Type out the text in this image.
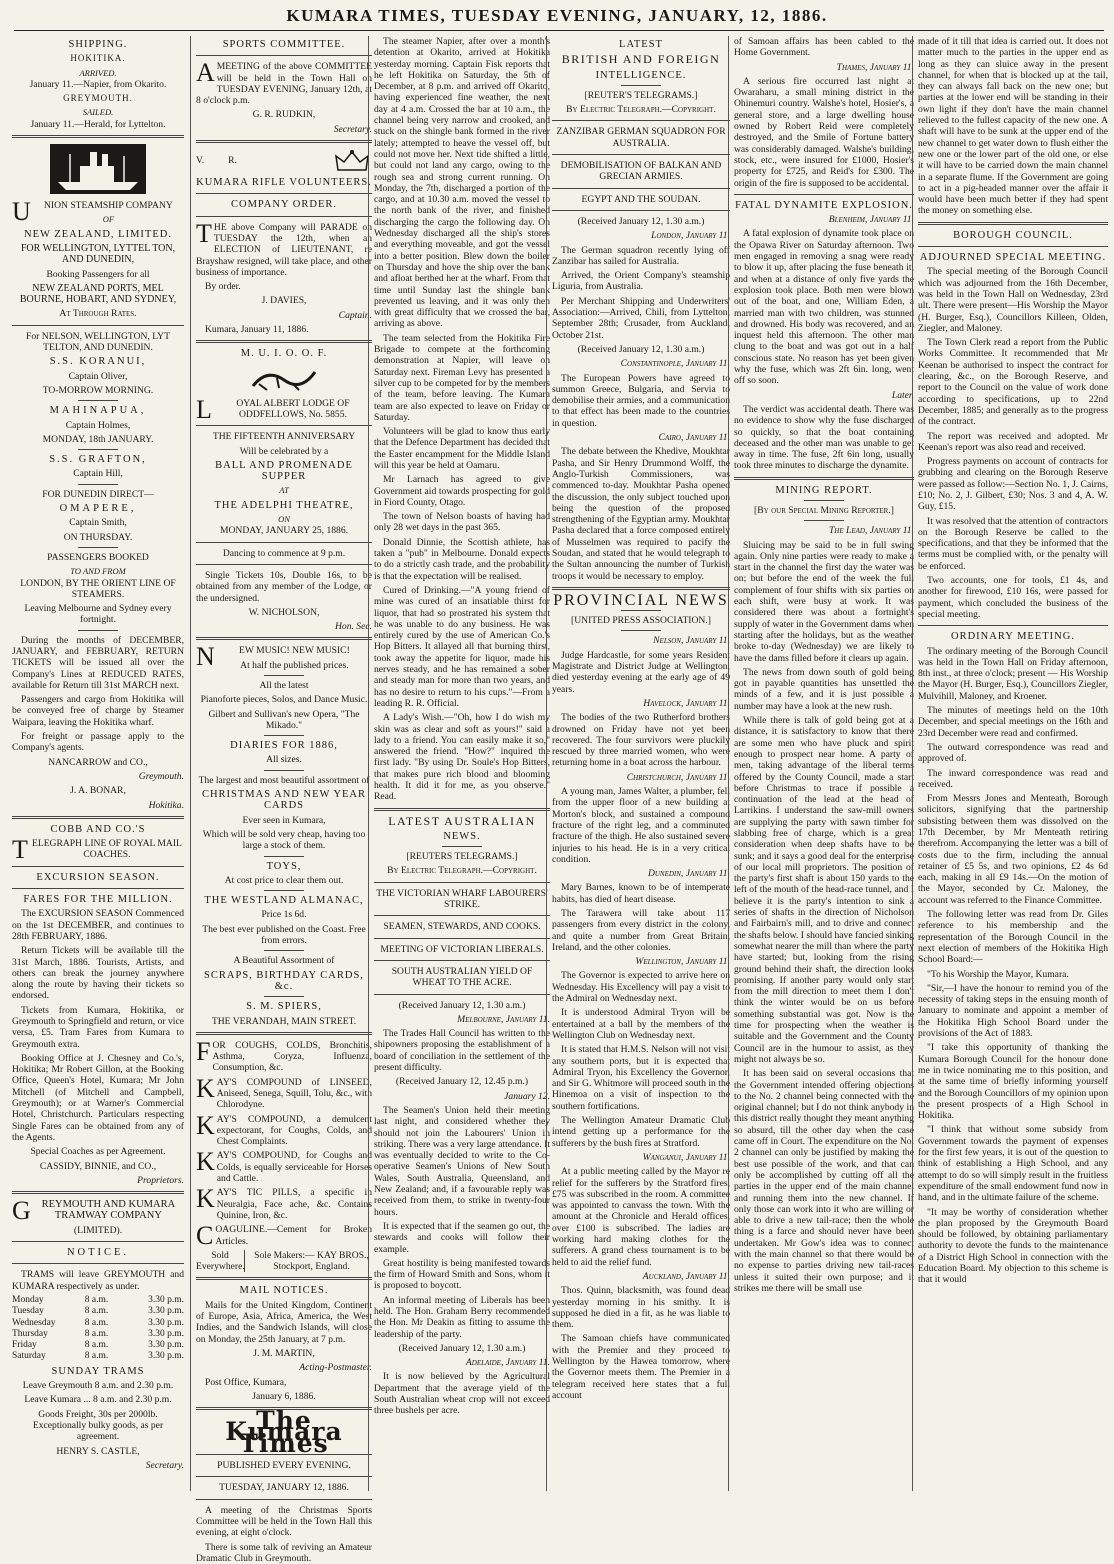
KUMARA TIMES, TUESDAY EVENING, JANUARY, 12, 1886.
SHIPPING.
HOKITIKA.
ARRIVED.

January 11.—Napier, from Okarito.

GREYMOUTH.
SAILED.

January 11.—Herald, for Lyttelton.

UNION STEAMSHIP COMPANY

OF
NEW ZEALAND, LIMITED.

FOR WELLINGTON, LYTTEL TON, AND DUNEDIN,

Booking Passengers for all

NEW ZEALAND PORTS, MEL BOURNE, HOBART, AND SYDNEY,

At Through Rates.

For NELSON, WELLINGTON, LYT TELTON, AND DUNEDIN.

S.S. KORANUI,

Captain Oliver,

TO-MORROW MORNING.

MAHINAPUA,

Captain Holmes,

MONDAY, 18th JANUARY.

S.S. GRAFTON,

Captain Hill,

FOR DUNEDIN DIRECT—

OMAPERE,

Captain Smith,

ON THURSDAY.

PASSENGERS BOOKED

TO AND FROM

LONDON, BY THE ORIENT LINE OF STEAMERS.

Leaving Melbourne and Sydney every fortnight.

During the months of DECEMBER, JANUARY, and FEBRUARY, RETURN TICKETS will be issued all over the Company's Lines at REDUCED RATES, available for Return till 31st MARCH next.

Passengers and cargo from Hokitika will be conveyed free of charge by Steamer Waipara, leaving the Hokitika wharf.

For freight or passage apply to the Company's agents.

NANCARROW and CO.,

Greymouth.

J. A. BONAR,

Hokitika.

COBB AND CO.'S

TELEGRAPH LINE OF ROYAL MAIL COACHES.

EXCURSION SEASON.
FARES FOR THE MILLION.

The EXCURSION SEASON Commenced on the 1st DECEMBER, and continues to 28th FEBRUARY, 1886.

Return Tickets will be available till the 31st March, 1886. Tourists, Artists, and others can break the journey anywhere along the route by having their tickets so endorsed.

Tickets from Kumara, Hokitika, or Greymouth to Springfield and return, or vice versa, £5. Tram Fares from Kumara to Greymouth extra.

Booking Office at J. Chesney and Co.'s, Hokitika; Mr Robert Gillon, at the Booking Office, Queen's Hotel, Kumara; Mr John Mitchell (of Mitchell and Campbell, Greymouth); or at Warner's Commercial Hotel, Christchurch. Particulars respecting Single Fares can be obtained from any of the Agents.

Special Coaches as per Agreement.

CASSIDY, BINNIE, and CO.,

Proprietors.

GREYMOUTH AND KUMARA TRAMWAY COMPANY

(LIMITED).

NOTICE.

TRAMS will leave GREYMOUTH and KUMARA respectively as under.

Monday	8 a.m.	3.30 p.m.
Tuesday	8 a.m.	3.30 p.m.
Wednesday	8 a.m.	3.30 p.m.
Thursday	8 a.m.	3.30 p.m.
Friday	8 a.m.	3.30 p.m.
Saturday	8 a.m.	3.30 p.m.
SUNDAY TRAMS

Leave Greymouth 8 a.m. and 2.30 p.m.

Leave Kumara ... 8 a.m. and 2.30 p.m.

Goods Freight, 30s per 2000lb. Exceptionally bulky goods, as per agreement.

HENRY S. CASTLE,

Secretary.

SPORTS COMMITTEE.

AMEETING of the above COMMITTEE will be held in the Town Hall on TUESDAY EVENING, January 12th, at 8 o'clock p.m.

G. R. RUDKIN,

Secretary.

V.          R.
KUMARA RIFLE VOLUNTEERS.
COMPANY ORDER.

THE above Company will PARADE on TUESDAY the 12th, when an ELECTION of LIEUTENANT, re Brayshaw resigned, will take place, and other business of importance.

By order.

J. DAVIES,

Captain.

Kumara, January 11, 1886.

M. U. I. O. O. F.

LOYAL ALBERT LODGE OF ODDFELLOWS, No. 5855.

THE FIFTEENTH ANNIVERSARY

Will be celebrated by a

BALL AND PROMENADE SUPPER
AT
THE ADELPHI THEATRE,
ON

MONDAY, JANUARY 25, 1886.

Dancing to commence at 9 p.m.

Single Tickets 10s, Double 16s, to be obtained from any member of the Lodge, or the undersigned.

W. NICHOLSON,

Hon. Sec.

NEW MUSIC! NEW MUSIC!

At half the published prices.

All the latest

Pianoforte pieces, Solos, and Dance Music.

Gilbert and Sullivan's new Opera, "The Mikado."

DIARIES FOR 1886,

All sizes.

The largest and most beautiful assortment of

CHRISTMAS AND NEW YEAR CARDS

Ever seen in Kumara,

Which will be sold very cheap, having too large a stock of them.

TOYS,

At cost price to clear them out.

THE WESTLAND ALMANAC,

Price 1s 6d.

The best ever published on the Coast. Free from errors.

A Beautiful Assortment of

SCRAPS, BIRTHDAY CARDS, &c.
S. M. SPIERS,

THE VERANDAH, MAIN STREET.

FOR COUGHS, COLDS, Bronchitis, Asthma, Coryza, Influenza, Consumption, &c.

KAY'S COMPOUND of LINSEED, Aniseed, Senega, Squill, Tolu, &c., with Chlorodyne.

KAY'S COMPOUND, a demulcent expectorant, for Coughs, Colds, and Chest Complaints.

KAY'S COMPOUND, for Coughs and Colds, is equally serviceable for Horses and Cattle.

KAY'S TIC PILLS, a specific in Neuralgia, Face ache, &c. Contains Quinine, Iron, &c.

COAGULINE.—Cement for Broken Articles.

Sold Everywhere.
Sole Makers:— KAY BROS., Stockport, England.
MAIL NOTICES.

Mails for the United Kingdom, Continent of Europe, Asia, Africa, America, the West Indies, and the Sandwich Islands, will close on Monday, the 25th January, at 7 p.m.

J. M. MARTIN,

Acting-Postmaster.

Post Office, Kumara,

January 6, 1886.

The Kumara Times

PUBLISHED EVERY EVENING.

TUESDAY, JANUARY 12, 1886.

A meeting of the Christmas Sports Committee will be held in the Town Hall this evening, at eight o'clock.

There is some talk of reviving an Amateur Dramatic Club in Greymouth.

The steamer Napier, after over a month's detention at Okarito, arrived at Hokitika yesterday morning. Captain Fisk reports that he left Hokitika on Saturday, the 5th of December, at 8 p.m. and arrived off Okarito, having experienced fine weather, the next day at 4 a.m. Crossed the bar at 10 a.m., the channel being very narrow and crooked, and stuck on the shingle bank formed in the river lately; attempted to heave the vessel off, but could not move her. Next tide shifted a little, but could not land any cargo, owing to the rough sea and strong current running. On Monday, the 7th, discharged a portion of the cargo, and at 10.30 a.m. moved the vessel to the north bank of the river, and finished discharging the cargo the following day. On Wednesday discharged all the ship's stores and everything moveable, and got the vessel into a better position. Blew down the boiler on Thursday and hove the ship over the bank and afloat berthed her at the wharf. From that time until Sunday last the shingle bank prevented us leaving, and it was only then with great difficulty that we crossed the bar, arriving as above.

The team selected from the Hokitika Fire Brigade to compete at the forthcoming demonstration at Napier, will leave on Saturday next. Fireman Levy has presented a silver cup to be competed for by the members of the team, before leaving. The Kumara team are also expected to leave on Friday or Saturday.

Volunteers will be glad to know thus early that the Defence Department has decided that the Easter encampment for the Middle Island will this year be held at Oamaru.

Mr Larnach has agreed to give Government aid towards prospecting for gold in Fiord County, Otago.

The town of Nelson boasts of having had only 28 wet days in the past 365.

Donald Dinnie, the Scottish athlete, has taken a "pub" in Melbourne. Donald expects to do a strictly cash trade, and the probability is that the expectation will be realised.

Cured of Drinking.—"A young friend of mine was cured of an insatiable thirst for liquor, that had so prostrated his system that he was unable to do any business. He was entirely cured by the use of American Co.'s Hop Bitters. It allayed all that burning thirst, took away the appetite for liquor, made his nerves steady, and he has remained a sober and steady man for more than two years, and has no desire to return to his cups."—From a leading R. R. Official.

A Lady's Wish.—"Oh, how I do wish my skin was as clear and soft as yours!" said a lady to a friend. You can easily make it so," answered the friend. "How?" inquired the first lady. "By using Dr. Soule's Hop Bitters, that makes pure rich blood and blooming health. It did it for me, as you observe." Read.

LATEST AUSTRALIAN
NEWS.

[REUTERS TELEGRAMS.]

By Electric Telegraph.—Copyright.

THE VICTORIAN WHARF LABOURERS' STRIKE.

SEAMEN, STEWARDS, AND COOKS.

MEETING OF VICTORIAN LIBERALS.

SOUTH AUSTRALIAN YIELD OF WHEAT TO THE ACRE.

(Received January 12, 1.30 a.m.)

Melbourne, January 11.

The Trades Hall Council has written to the shipowners proposing the establishment of a board of conciliation in the settlement of the present difficulty.

(Received January 12, 12.45 p.m.)

January 12.

The Seamen's Union held their meeting last night, and considered whether they should not join the Labourers' Union in striking. There was a very large attendance. It was eventually decided to write to the Co-operative Seamen's Unions of New South Wales, South Australia, Queensland, and New Zealand; and, if a favourable reply was received from them, to strike in twenty-four hours.

It is expected that if the seamen go out, the stewards and cooks will follow their example.

Great hostility is being manifested towards the firm of Howard Smith and Sons, whom it is proposed to boycott.

An informal meeting of Liberals has been held. The Hon. Graham Berry recommended the Hon. Mr Deakin as fitting to assume the leadership of the party.

(Received January 12, 1.30 a.m.)

Adelaide, January 11.

It is now believed by the Agricultural Department that the average yield of the South Australian wheat crop will not exceed three bushels per acre.

LATEST
BRITISH AND FOREIGN
INTELLIGENCE.

[REUTER'S TELEGRAMS.]

By Electric Telegraph.—Copyright.

ZANZIBAR GERMAN SQUADRON FOR AUSTRALIA.

DEMOBILISATION OF BALKAN AND GRECIAN ARMIES.

EGYPT AND THE SOUDAN.

(Received January 12, 1.30 a.m.)

London, January 11.

The German squadron recently lying off Zanzibar has sailed for Australia.

Arrived, the Orient Company's steamship Liguria, from Australia.

Per Merchant Shipping and Underwriters' Association:—Arrived, Chili, from Lyttelton, September 28th; Crusader, from Auckland, October 21st.

(Received January 12, 1.30 a.m.)

Constantinople, January 11.

The European Powers have agreed to summon Greece, Bulgaria, and Servia to demobilise their armies, and a communication to that effect has been made to the countries in question.

Cairo, January 11.

The debate between the Khedive, Moukhtar Pasha, and Sir Henry Drummond Wolff, the Anglo-Turkish Commissioners, was commenced to-day. Moukhtar Pasha opened the discussion, the only subject touched upon being the question of the proposed strengthening of the Egyptian army. Moukhtar Pasha declared that a force composed entirely of Musselmen was required to pacify the Soudan, and stated that he would telegraph to the Sultan announcing the number of Turkish troops it would be necessary to employ.

PROVINCIAL NEWS

[UNITED PRESS ASSOCIATION.]

Nelson, January 11.

Judge Hardcastle, for some years Resident Magistrate and District Judge at Wellington, died yesterday evening at the early age of 49 years.

Havelock, January 11.

The bodies of the two Rutherford brothers drowned on Friday have not yet been recovered. The four survivors were pluckily rescued by three married women, who were returning home in a boat across the harbour.

Christchurch, January 11.

A young man, James Walter, a plumber, fell from the upper floor of a new building at Morton's block, and sustained a compound fracture of the right leg, and a comminuted fracture of the thigh. He also sustained severe injuries to his head. He is in a very critical condition.

Dunedin, January 11.

Mary Barnes, known to be of intemperate habits, has died of heart disease.

The Tarawera will take about 117 passengers from every district in the colony, and quite a number from Great Britain, Ireland, and the other colonies.

Wellington, January 11.

The Governor is expected to arrive here on Wednesday. His Excellency will pay a visit to the Admiral on Wednesday next.

It is understood Admiral Tryon will be entertained at a ball by the members of the Wellington Club on Wednesday next.

It is stated that H.M.S. Nelson will not visit any southern ports, but it is expected that Admiral Tryon, his Excellency the Governor, and Sir G. Whitmore will proceed south in the Hinemoa on a visit of inspection to the southern fortifications.

The Wellington Amateur Dramatic Club intend getting up a performance for the sufferers by the bush fires at Stratford.

Wanganui, January 11.

At a public meeting called by the Mayor re relief for the sufferers by the Stratford fires, £75 was subscribed in the room. A committee was appointed to canvass the town. With the amount at the Chronicle and Herald offices, over £100 is subscribed. The ladies are working hard making clothes for the sufferers. A grand chess tournament is to be held to aid the relief fund.

Auckland, January 11.

Thos. Quinn, blacksmith, was found dead yesterday morning in his smithy. It is supposed he died in a fit, as he was liable to them.

The Samoan chiefs have communicated with the Premier and they proceed to Wellington by the Hawea tomorrow, where the Governor meets them. The Premier in a telegram received here states that a full account

of Samoan affairs has been cabled to the Home Government.

Thames, January 11.

A serious fire occurred last night at Owaraharu, a small mining district in the Ohinemuri country. Walshe's hotel, Hosier's, a general store, and a large dwelling house owned by Robert Reid were completely destroyed, and the Smile of Fortune battery was considerably damaged. Walshe's building, stock, etc., were insured for £1000, Hosier's property for £725, and Reid's for £300. The origin of the fire is supposed to be accidental.

FATAL DYNAMITE EXPLOSION.

Blenheim, January 11.

A fatal explosion of dynamite took place on the Opawa River on Saturday afternoon. Two men engaged in removing a snag were ready to blow it up, after placing the fuse beneath it, and when at a distance of only five yards the explosion took place. Both men were blown out of the boat, and one, William Eden, a married man with two children, was stunned and drowned. His body was recovered, and an inquest held this afternoon. The other man clung to the boat and was got out in a half conscious state. No reason has yet been given why the fuse, which was 2ft 6in. long, went off so soon.

Later.

The verdict was accidental death. There was no evidence to show why the fuse discharged so quickly, so that the boat containing deceased and the other man was unable to get away in time. The fuse, 2ft 6in long, usually took three minutes to discharge the dynamite.

MINING REPORT.

[By our Special Mining Reporter.]

The Lead, January 11.

Sluicing may be said to be in full swing again. Only nine parties were ready to make a start in the channel the first day the water was on; but before the end of the week the full complement of four shifts with six parties on each shift, were busy at work. It was considered there was about a fortnight's supply of water in the Government dams when starting after the holidays, but as the weather broke to-day (Wednesday) we are likely to have the dams filled before it clears up again.

The news from down south of gold being got in payable quantities has unsettled the minds of a few, and it is just possible a number may have a look at the new rush.

While there is talk of gold being got at a distance, it is satisfactory to know that there are some men who have pluck and spirit enough to prospect near home. A party of men, taking advantage of the liberal terms offered by the County Council, made a start before Christmas to trace if possible a continuation of the lead at the head of Larrikins. I understand the saw-mill owners are supplying the party with sawn timber for slabbing free of charge, which is a great consideration when deep shafts have to be sunk; and it says a good deal for the enterprise of our local mill proprietors. The position of the party's first shaft is about 150 yards to the left of the mouth of the head-race tunnel, and I believe it is the party's intention to sink a series of shafts in the direction of Nicholson and Fairbairn's mill, and to drive and connect the shafts below. I should have fancied sinking somewhat nearer the mill than where the party have started; but, looking from the rising ground behind their shaft, the direction looks promising. If another party would only start from the mill direction to meet them I don't think the winter would be on us before something substantial was got. Now is the time for prospecting when the weather is suitable and the Government and the County Council are in the humour to assist, as they might not always be so.

It has been said on several occasions that the Government intended offering objections to the No. 2 channel being connected with the original channel; but I do not think anybody in this district really thought they meant anything so absurd, till the other day when the case came off in Court. The expenditure on the No. 2 channel can only be justified by making the best use possible of the work, and that can only be accomplished by cutting off all the parties in the upper end of the main channel and running them into the new channel. If only those can work into it who are willing or able to drive a new tail-race; then the whole thing is a farce and should never have been undertaken. Mr Gow's idea was to connect with the main channel so that there would be no expense to parties driving new tail-races unless it suited their own purpose; and it strikes me there will be small use

made of it till that idea is carried out. It does not matter much to the parties in the upper end as long as they can sluice away in the present channel, for when that is blocked up at the tail, they can always fall back on the new one; but parties at the lower end will be standing in their own light if they don't have the main channel relieved to the fullest capacity of the new one. A shaft will have to be sunk at the upper end of the new channel to get water down to flush either the new one or the lower part of the old one, or else it will have to be carried down the main channel in a separate flume. If the Government are going to act in a pig-headed manner over the affair it would have been much better if they had spent the money on something else.

BOROUGH COUNCIL.
ADJOURNED SPECIAL MEETING.

The special meeting of the Borough Council which was adjourned from the 16th December, was held in the Town Hall on Wednesday, 23rd ult. There were present—His Worship the Mayor (H. Burger, Esq.), Councillors Killeen, Olden, Ziegler, and Maloney.

The Town Clerk read a report from the Public Works Committee. It recommended that Mr Keenan be authorised to inspect the contract for clearing, &c., on the Borough Reserve, and report to the Council on the value of work done according to specifications, up to 22nd December, 1885; and generally as to the progress of the contract.

The report was received and adopted. Mr Keenan's report was also read and received.

Progress payments on account of contracts for grubbing and clearing on the Borough Reserve were passed as follow:—Section No. 1, J. Cairns, £10; No. 2, J. Gilbert, £30; Nos. 3 and 4, A. W. Guy, £15.

It was resolved that the attention of contractors on the Borough Reserve be called to the specifications, and that they be informed that the terms must be complied with, or the penalty will be enforced.

Two accounts, one for tools, £1 4s, and another for firewood, £10 16s, were passed for payment, which concluded the business of the special meeting.

ORDINARY MEETING.

The ordinary meeting of the Borough Council was held in the Town Hall on Friday afternoon, 8th inst., at three o'clock; present — His Worship the Mayor (H. Burger, Esq.), Councillors Ziegler, Mulvihill, Maloney, and Kroener.

The minutes of meetings held on the 10th December, and special meetings on the 16th and 23rd December were read and confirmed.

The outward correspondence was read and approved of.

The inward correspondence was read and received.

From Messrs Jones and Menteath, Borough solicitors, signifying that the partnership subsisting between them was dissolved on the 17th December, by Mr Menteath retiring therefrom. Accompanying the letter was a bill of costs due to the firm, including the annual retainer of £5 5s, and two opinions, £2 4s 6d each, making in all £9 14s.—On the motion of the Mayor, seconded by Cr. Maloney, the account was referred to the Finance Committee.

The following letter was read from Dr. Giles reference to his membership and the representation of the Borough Council in the next election of members of the Hokitika High School Board:—

"To his Worship the Mayor, Kumara.

"Sir,—I have the honour to remind you of the necessity of taking steps in the ensuing month of January to nominate and appoint a member of the Hokitika High School Board under the provisions of the Act of 1883.

"I take this opportunity of thanking the Kumara Borough Council for the honour done me in twice nominating me to this position, and at the same time of briefly informing yourself and the Borough Councillors of my opinion upon the present prospects of a High School in Hokitika.

"I think that without some subsidy from Government towards the payment of expenses for the first few years, it is out of the question to think of establishing a High School, and any attempt to do so will simply result in the fruitless expenditure of the small endowment fund now in hand, and in the ultimate failure of the scheme.

"It may be worthy of consideration whether the plan proposed by the Greymouth Board should be followed, by obtaining parliamentary authority to devote the funds to the maintenance of a District High School in connection with the Education Board. My objection to this scheme is that it would
